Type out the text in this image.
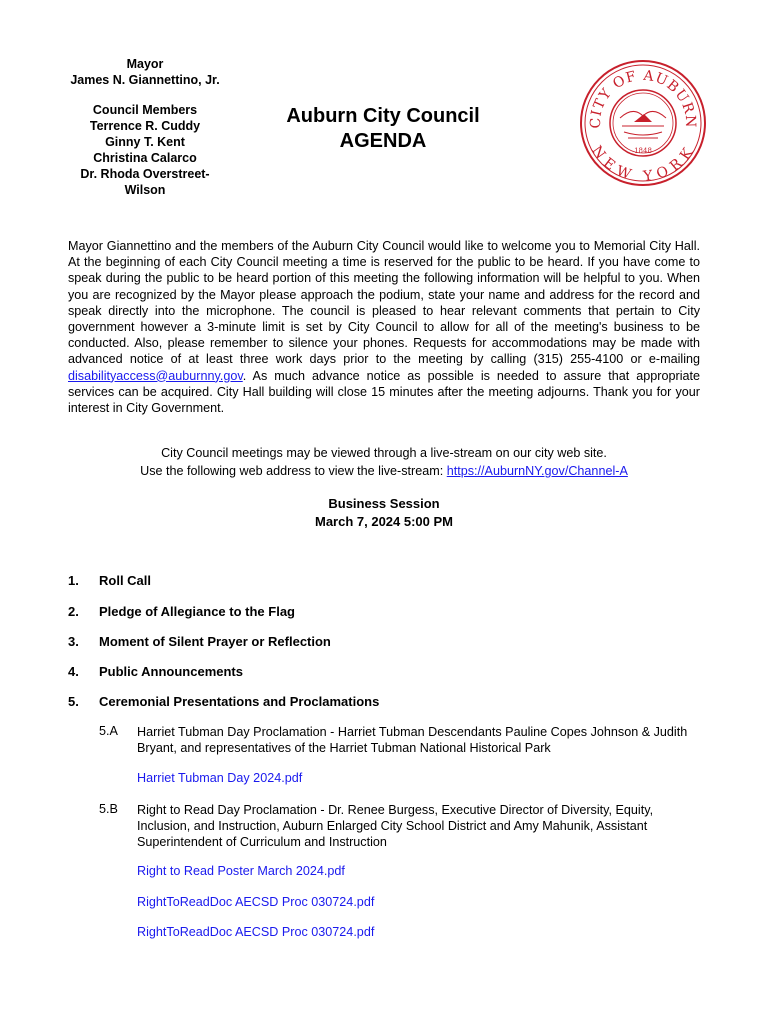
Mayor
James N. Giannettino, Jr.
Council Members
Terrence R. Cuddy
Ginny T. Kent
Christina Calarco
Dr. Rhoda Overstreet-
Wilson
Auburn City Council
AGENDA
CITY OF AUBURN
NEW YORK
1848
Mayor Giannettino and the members of the Auburn City Council would like to welcome you to Memorial City Hall. At the beginning of each City Council meeting a time is reserved for the public to be heard. If you have come to speak during the public to be heard portion of this meeting the following information will be helpful to you. When you are recognized by the Mayor please approach the podium, state your name and address for the record and speak directly into the microphone. The council is pleased to hear relevant comments that pertain to City government however a 3-minute limit is set by City Council to allow for all of the meeting's business to be conducted. Also, please remember to silence your phones. Requests for accommodations may be made with advanced notice of at least three work days prior to the meeting by calling (315) 255-4100 or e-mailing disabilityaccess@auburnny.gov. As much advance notice as possible is needed to assure that appropriate services can be acquired. City Hall building will close 15 minutes after the meeting adjourns. Thank you for your interest in City Government.
City Council meetings may be viewed through a live-stream on our city web site.
Use the following web address to view the live-stream: https://AuburnNY.gov/Channel-A
Business Session
March 7, 2024 5:00 PM
1. Roll Call
2. Pledge of Allegiance to the Flag
3. Moment of Silent Prayer or Reflection
4. Public Announcements
5. Ceremonial Presentations and Proclamations
5.A Harriet Tubman Day Proclamation - Harriet Tubman Descendants Pauline Copes Johnson & Judith Bryant, and representatives of the Harriet Tubman National Historical Park
Harriet Tubman Day 2024.pdf
5.B Right to Read Day Proclamation - Dr. Renee Burgess, Executive Director of Diversity, Equity, Inclusion, and Instruction, Auburn Enlarged City School District and Amy Mahunik, Assistant Superintendent of Curriculum and Instruction
Right to Read Poster March 2024.pdf
RightToReadDoc AECSD Proc 030724.pdf
RightToReadDoc AECSD Proc 030724.pdf
